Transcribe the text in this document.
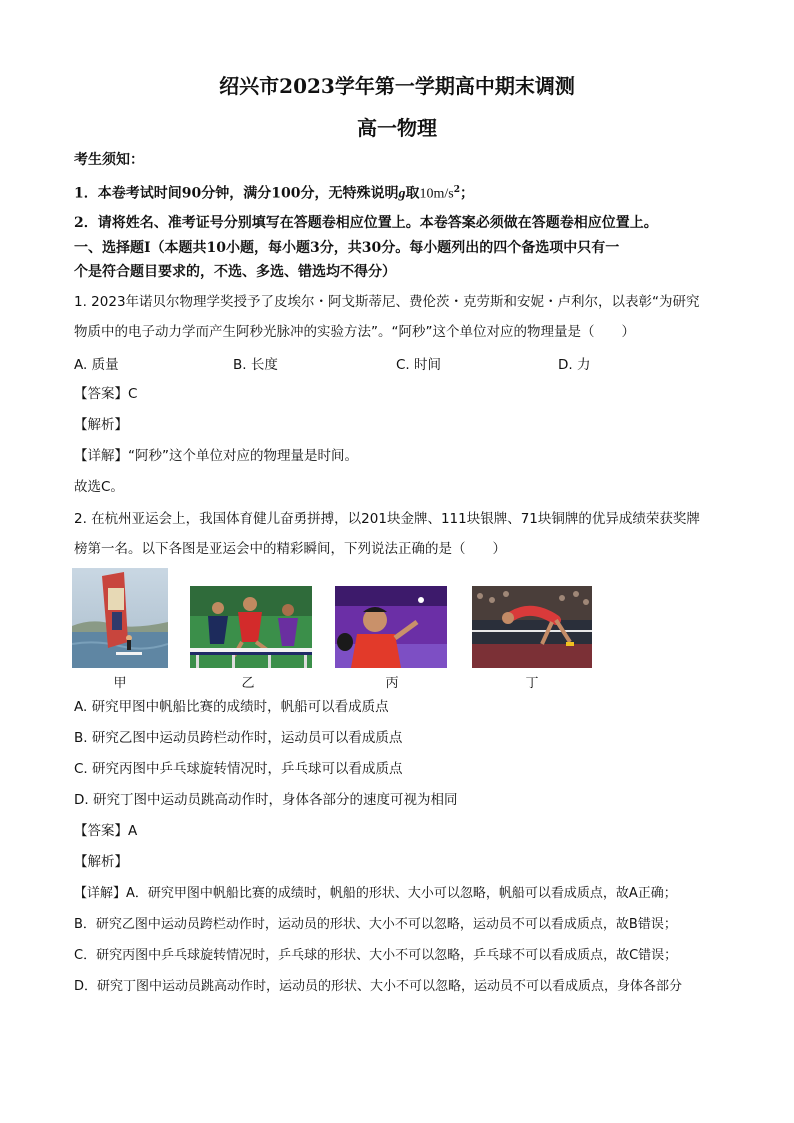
绍兴市2023学年第一学期高中期末调测
高一物理
考生须知：
1．本卷考试时间90分钟，满分100分，无特殊说明g取$10m/s^2$；
2．请将姓名、准考证号分别填写在答题卷相应位置上。本卷答案必须做在答题卷相应位置上。
一、选择题Ⅰ（本题共10小题，每小题3分，共30分。每小题列出的四个备选项中只有一
个是符合题目要求的，不选、多选、错选均不得分）
1. 2023年诺贝尔物理学奖授予了皮埃尔・阿戈斯蒂尼、费伦茨・克劳斯和安妮・卢利尔，以表彰“为研究
物质中的电子动力学而产生阿秒光脉冲的实验方法”。“阿秒”这个单位对应的物理量是（　　）
A. 质量	B. 长度	C. 时间	D. 力
【答案】C
【解析】
【详解】“阿秒”这个单位对应的物理量是时间。
故选C。
2. 在杭州亚运会上，我国体育健儿奋勇拼搏，以201块金牌、111块银牌、71块铜牌的优异成绩荣获奖牌
榜第一名。以下各图是亚运会中的精彩瞬间，下列说法正确的是（　　）
甲	乙	丙	丁
A. 研究甲图中帆船比赛的成绩时，帆船可以看成质点
B. 研究乙图中运动员跨栏动作时，运动员可以看成质点
C. 研究丙图中乒乓球旋转情况时，乒乓球可以看成质点
D. 研究丁图中运动员跳高动作时，身体各部分的速度可视为相同
【答案】A
【解析】
【详解】A．研究甲图中帆船比赛的成绩时，帆船的形状、大小可以忽略，帆船可以看成质点，故A正确；
B．研究乙图中运动员跨栏动作时，运动员的形状、大小不可以忽略，运动员不可以看成质点，故B错误；
C．研究丙图中乒乓球旋转情况时，乒乓球的形状、大小不可以忽略，乒乓球不可以看成质点，故C错误；
D．研究丁图中运动员跳高动作时，运动员的形状、大小不可以忽略，运动员不可以看成质点，身体各部分
